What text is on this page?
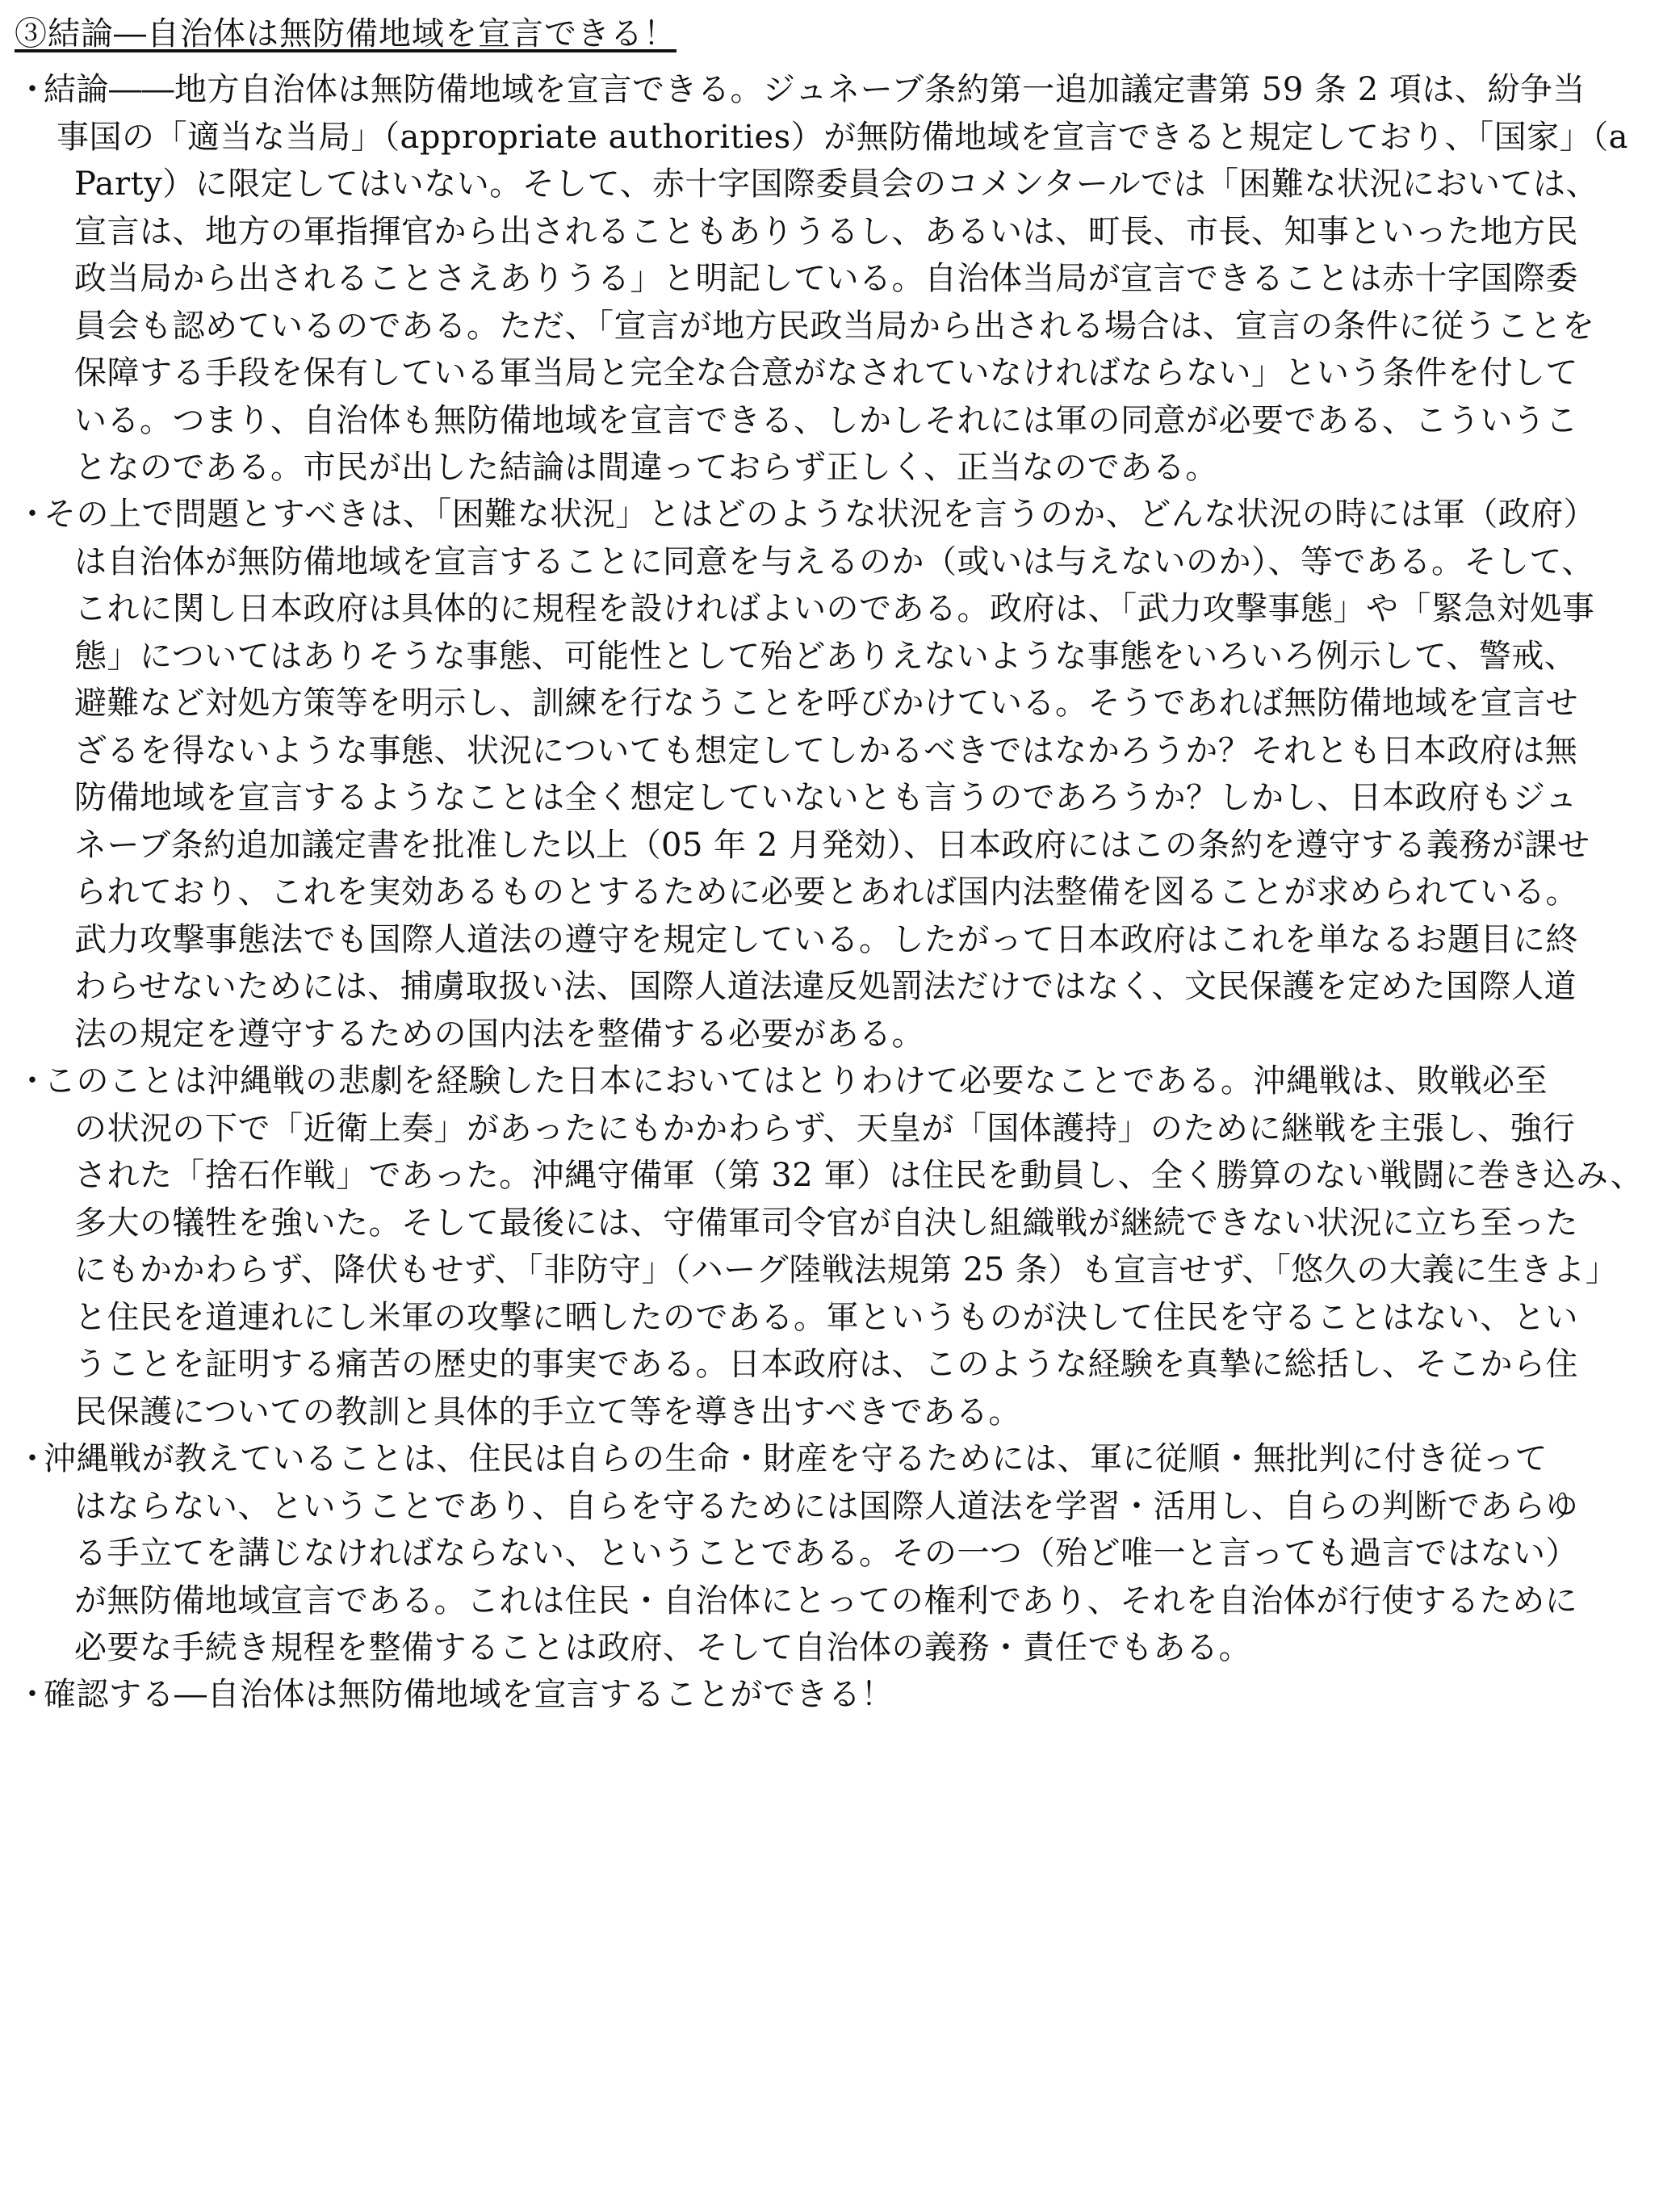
③結論―自治体は無防備地域を宣言できる！
・
結論――地方自治体は無防備地域を宣言できる。ジュネーブ条約第一追加議定書第 59 条 2 項は、紛争当
事国の「適当な当局」（appropriate authorities）が無防備地域を宣言できると規定しており、「国家」（a
Party）に限定してはいない。そして、赤十字国際委員会のコメンタールでは「困難な状況においては、
宣言は、地方の軍指揮官から出されることもありうるし、あるいは、町長、市長、知事といった地方民
政当局から出されることさえありうる」と明記している。自治体当局が宣言できることは赤十字国際委
員会も認めているのである。ただ、「宣言が地方民政当局から出される場合は、宣言の条件に従うことを
保障する手段を保有している軍当局と完全な合意がなされていなければならない」という条件を付して
いる。つまり、自治体も無防備地域を宣言できる、しかしそれには軍の同意が必要である、こういうこ
となのである。市民が出した結論は間違っておらず正しく、正当なのである。
・
その上で問題とすべきは、「困難な状況」とはどのような状況を言うのか、どんな状況の時には軍（政府）
は自治体が無防備地域を宣言することに同意を与えるのか（或いは与えないのか）、等である。そして、
これに関し日本政府は具体的に規程を設ければよいのである。政府は、「武力攻撃事態」や「緊急対処事
態」についてはありそうな事態、可能性として殆どありえないような事態をいろいろ例示して、警戒、
避難など対処方策等を明示し、訓練を行なうことを呼びかけている。そうであれば無防備地域を宣言せ
ざるを得ないような事態、状況についても想定してしかるべきではなかろうか？それとも日本政府は無
防備地域を宣言するようなことは全く想定していないとも言うのであろうか？しかし、日本政府もジュ
ネーブ条約追加議定書を批准した以上（05 年 2 月発効）、日本政府にはこの条約を遵守する義務が課せ
られており、これを実効あるものとするために必要とあれば国内法整備を図ることが求められている。
武力攻撃事態法でも国際人道法の遵守を規定している。したがって日本政府はこれを単なるお題目に終
わらせないためには、捕虜取扱い法、国際人道法違反処罰法だけではなく、文民保護を定めた国際人道
法の規定を遵守するための国内法を整備する必要がある。
・
このことは沖縄戦の悲劇を経験した日本においてはとりわけて必要なことである。沖縄戦は、敗戦必至
の状況の下で「近衛上奏」があったにもかかわらず、天皇が「国体護持」のために継戦を主張し、強行
された「捨石作戦」であった。沖縄守備軍（第 32 軍）は住民を動員し、全く勝算のない戦闘に巻き込み、
多大の犠牲を強いた。そして最後には、守備軍司令官が自決し組織戦が継続できない状況に立ち至った
にもかかわらず、降伏もせず、「非防守」（ハーグ陸戦法規第 25 条）も宣言せず、「悠久の大義に生きよ」
と住民を道連れにし米軍の攻撃に晒したのである。軍というものが決して住民を守ることはない、とい
うことを証明する痛苦の歴史的事実である。日本政府は、このような経験を真摯に総括し、そこから住
民保護についての教訓と具体的手立て等を導き出すべきである。
・
沖縄戦が教えていることは、住民は自らの生命・財産を守るためには、軍に従順・無批判に付き従って
はならない、ということであり、自らを守るためには国際人道法を学習・活用し、自らの判断であらゆ
る手立てを講じなければならない、ということである。その一つ（殆ど唯一と言っても過言ではない）
が無防備地域宣言である。これは住民・自治体にとっての権利であり、それを自治体が行使するために
必要な手続き規程を整備することは政府、そして自治体の義務・責任でもある。
・
確認する―自治体は無防備地域を宣言することができる！
